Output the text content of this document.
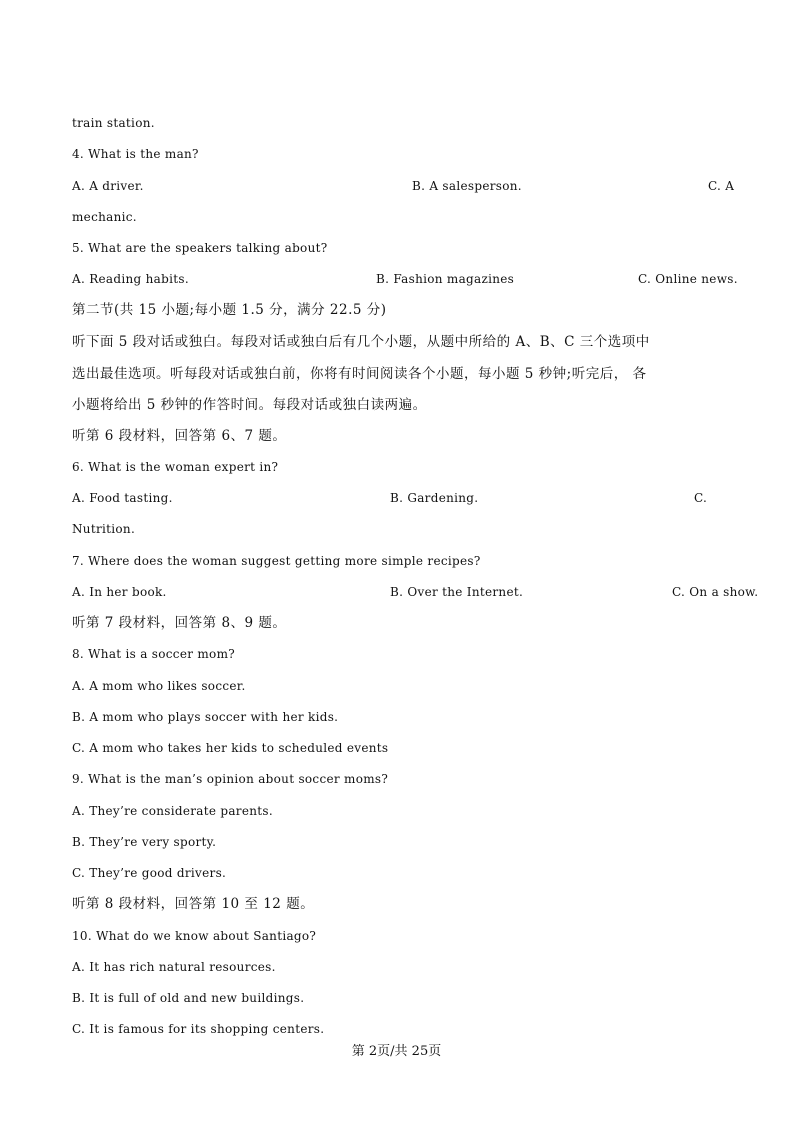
train station.
4. What is the man?
A. A driver.	B. A salesperson.	C. A
mechanic.
5. What are the speakers talking about?
A. Reading habits.	B. Fashion magazines	C. Online news.
第二节(共 15 小题;每小题 1.5 分，满分 22.5 分)
听下面 5 段对话或独白。每段对话或独白后有几个小题，从题中所给的 A、B、C 三个选项中
选出最佳选项。听每段对话或独白前，你将有时间阅读各个小题，每小题 5 秒钟;听完后， 各
小题将给出 5 秒钟的作答时间。每段对话或独白读两遍。
听第 6 段材料，回答第 6、7 题。
6. What is the woman expert in?
A. Food tasting.	B. Gardening.	C.
Nutrition.
7. Where does the woman suggest getting more simple recipes?
A. In her book.	B. Over the Internet.	C. On a show.
听第 7 段材料，回答第 8、9 题。
8. What is a soccer mom?
A. A mom who likes soccer.
B. A mom who plays soccer with her kids.
C. A mom who takes her kids to scheduled events
9. What is the man’s opinion about soccer moms?
A. They’re considerate parents.
B. They’re very sporty.
C. They’re good drivers.
听第 8 段材料，回答第 10 至 12 题。
10. What do we know about Santiago?
A. It has rich natural resources.
B. It is full of old and new buildings.
C. It is famous for its shopping centers.
第 2页/共 25页
